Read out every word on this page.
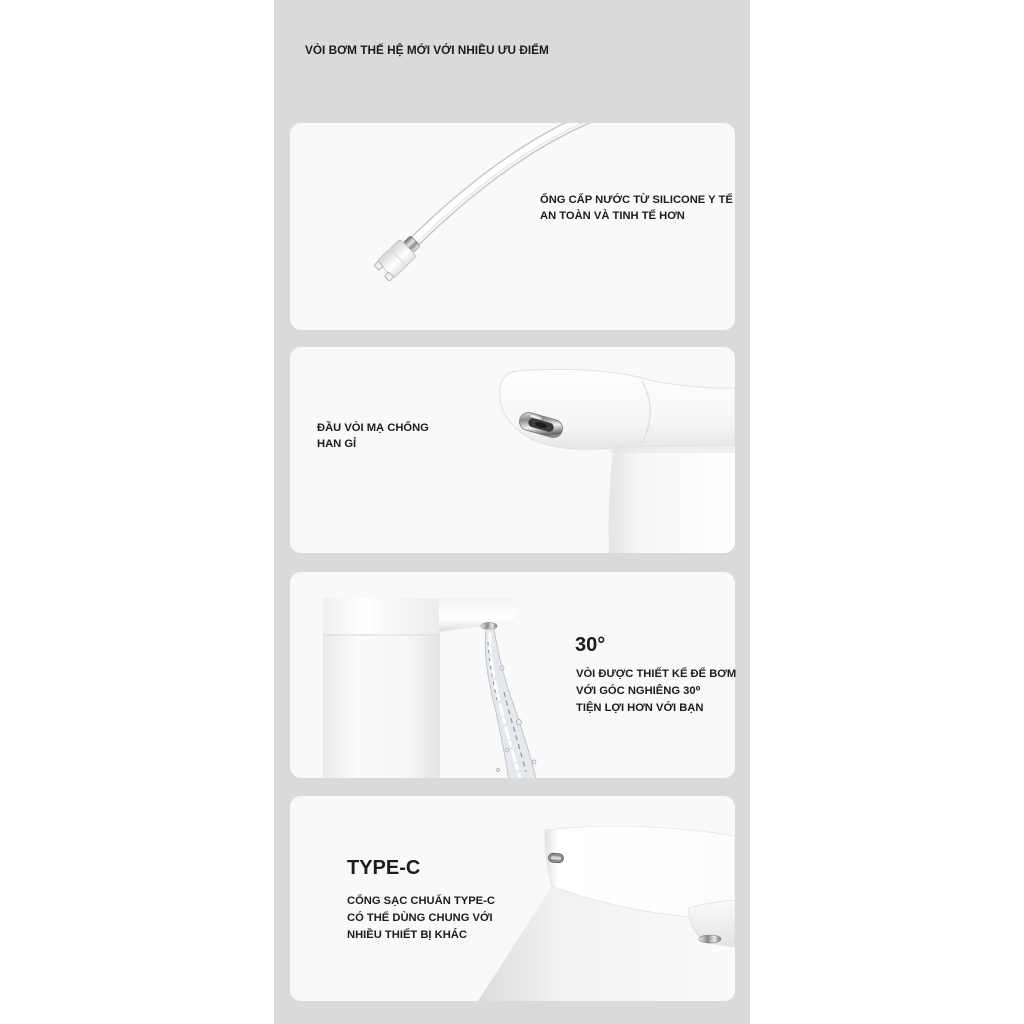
VÒI BƠM THẾ HỆ MỚI VỚI NHIỀU ƯU ĐIỂM
ỐNG CẤP NƯỚC TỪ SILICONE Y TẾ
AN TOÀN VÀ TINH TẾ HƠN
ĐẦU VÒI MẠ CHỐNG
HAN GỈ
30°
VÒI ĐƯỢC THIẾT KẾ ĐỂ BƠM
VỚI GÓC NGHIÊNG 30⁰
TIỆN LỢI HƠN VỚI BẠN
TYPE-C
CỔNG SẠC CHUẨN TYPE-C
CÓ THỂ DÙNG CHUNG VỚI
NHIỀU THIẾT BỊ KHÁC
